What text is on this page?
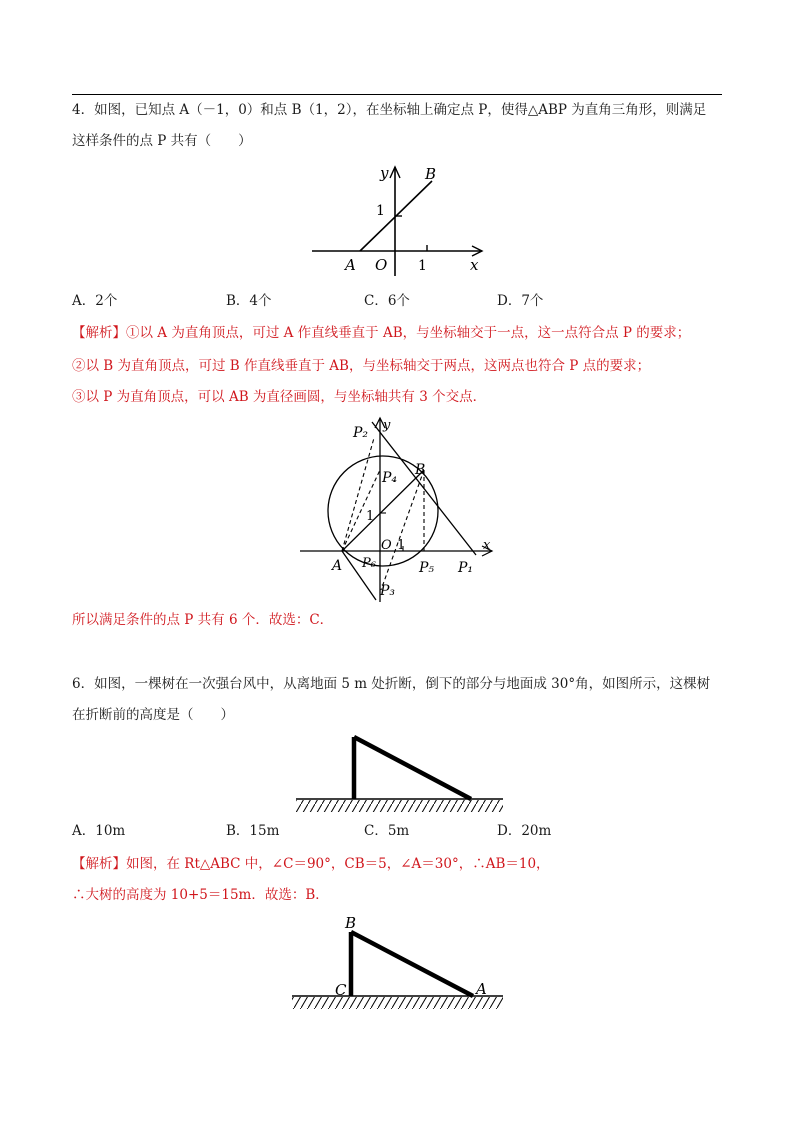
4．如图，已知点 A（－1，0）和点 B（1，2），在坐标轴上确定点 P，使得△ABP 为直角三角形，则满足
这样条件的点 P 共有（　　）
y B
1
A O 1	x
A．2个	B．4个	C．6个	D．7个
【解析】①以 A 为直角顶点，可过 A 作直线垂直于 AB，与坐标轴交于一点，这一点符合点 P 的要求；
②以 B 为直角顶点，可过 B 作直线垂直于 AB，与坐标轴交于两点，这两点也符合 P 点的要求；
③以 P 为直角顶点，可以 AB 为直径画圆，与坐标轴共有 3 个交点．
y
P₂
B
P₄
1
O 1	x
A P₆	P₅ P₁
P₃
所以满足条件的点 P 共有 6 个．故选：C．
6．如图，一棵树在一次强台风中，从离地面 5 m 处折断，倒下的部分与地面成 30°角，如图所示，这棵树
在折断前的高度是（　　）
A．10m	B．15m	C．5m	D．20m
【解析】如图，在 Rt△ABC 中，∠C＝90°，CB＝5，∠A＝30°，∴AB＝10，
∴大树的高度为 10+5＝15m．故选：B．
B
C	A
